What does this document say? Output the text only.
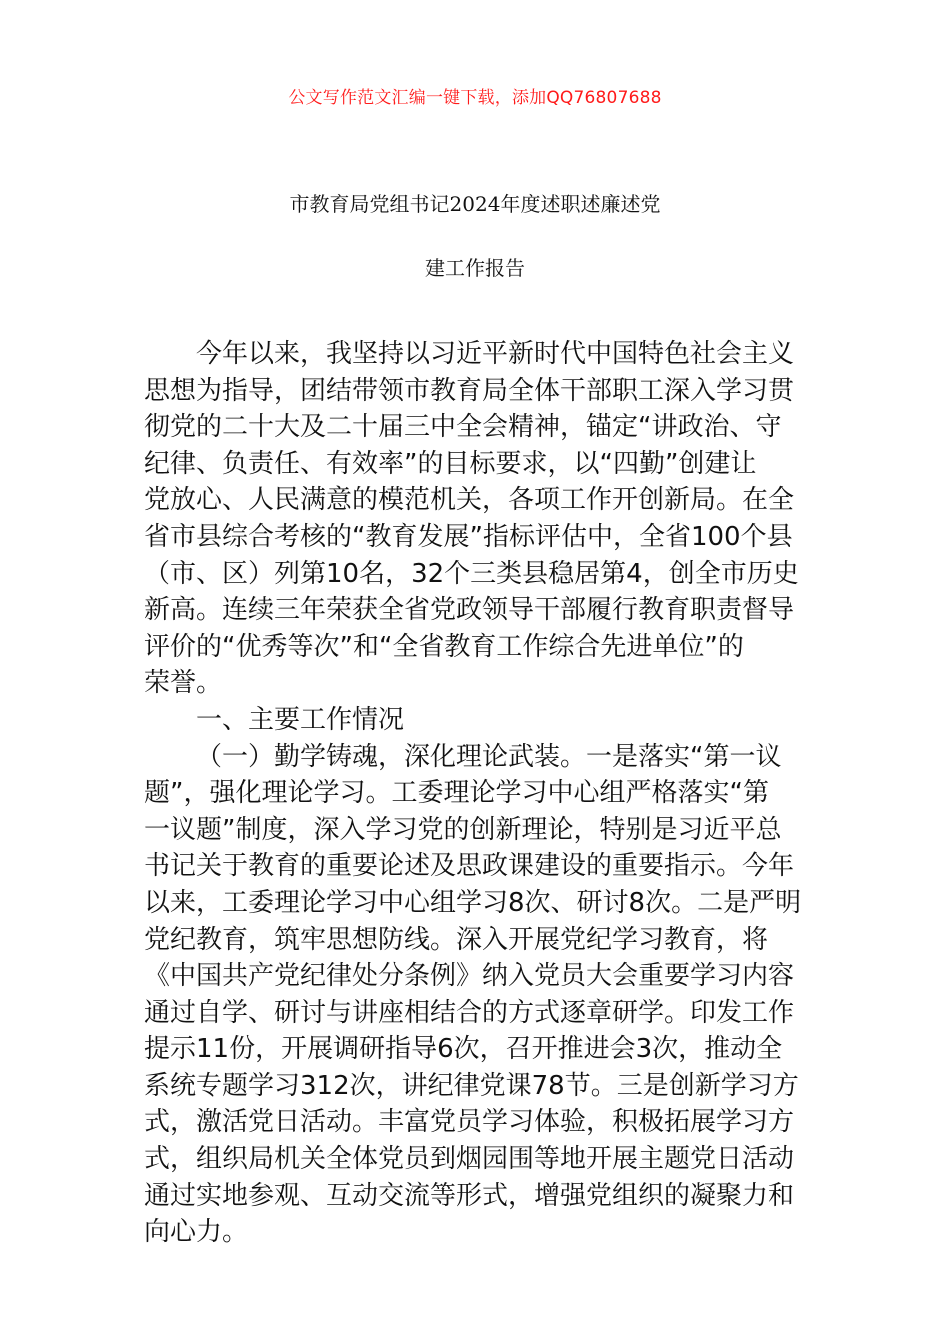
公文写作范文汇编一键下载，添加QQ76807688
市教育局党组书记2024年度述职述廉述党
建工作报告
今年以来，我坚持以习近平新时代中国特色社会主义
思想为指导，团结带领市教育局全体干部职工深入学习贯
彻党的二十大及二十届三中全会精神，锚定“讲政治、守
纪律、负责任、有效率”的目标要求，以“四勤”创建让
党放心、人民满意的模范机关，各项工作开创新局。在全
省市县综合考核的“教育发展”指标评估中，全省100个县
（市、区）列第10名，32个三类县稳居第4，创全市历史
新高。连续三年荣获全省党政领导干部履行教育职责督导
评价的“优秀等次”和“全省教育工作综合先进单位”的
荣誉。
一、主要工作情况
（一）勤学铸魂，深化理论武装。一是落实“第一议
题”，强化理论学习。工委理论学习中心组严格落实“第
一议题”制度，深入学习党的创新理论，特别是习近平总
书记关于教育的重要论述及思政课建设的重要指示。今年
以来，工委理论学习中心组学习8次、研讨8次。二是严明
党纪教育，筑牢思想防线。深入开展党纪学习教育，将
《中国共产党纪律处分条例》纳入党员大会重要学习内容
通过自学、研讨与讲座相结合的方式逐章研学。印发工作
提示11份，开展调研指导6次，召开推进会3次，推动全
系统专题学习312次，讲纪律党课78节。三是创新学习方
式，激活党日活动。丰富党员学习体验，积极拓展学习方
式，组织局机关全体党员到烟园围等地开展主题党日活动
通过实地参观、互动交流等形式，增强党组织的凝聚力和
向心力。
